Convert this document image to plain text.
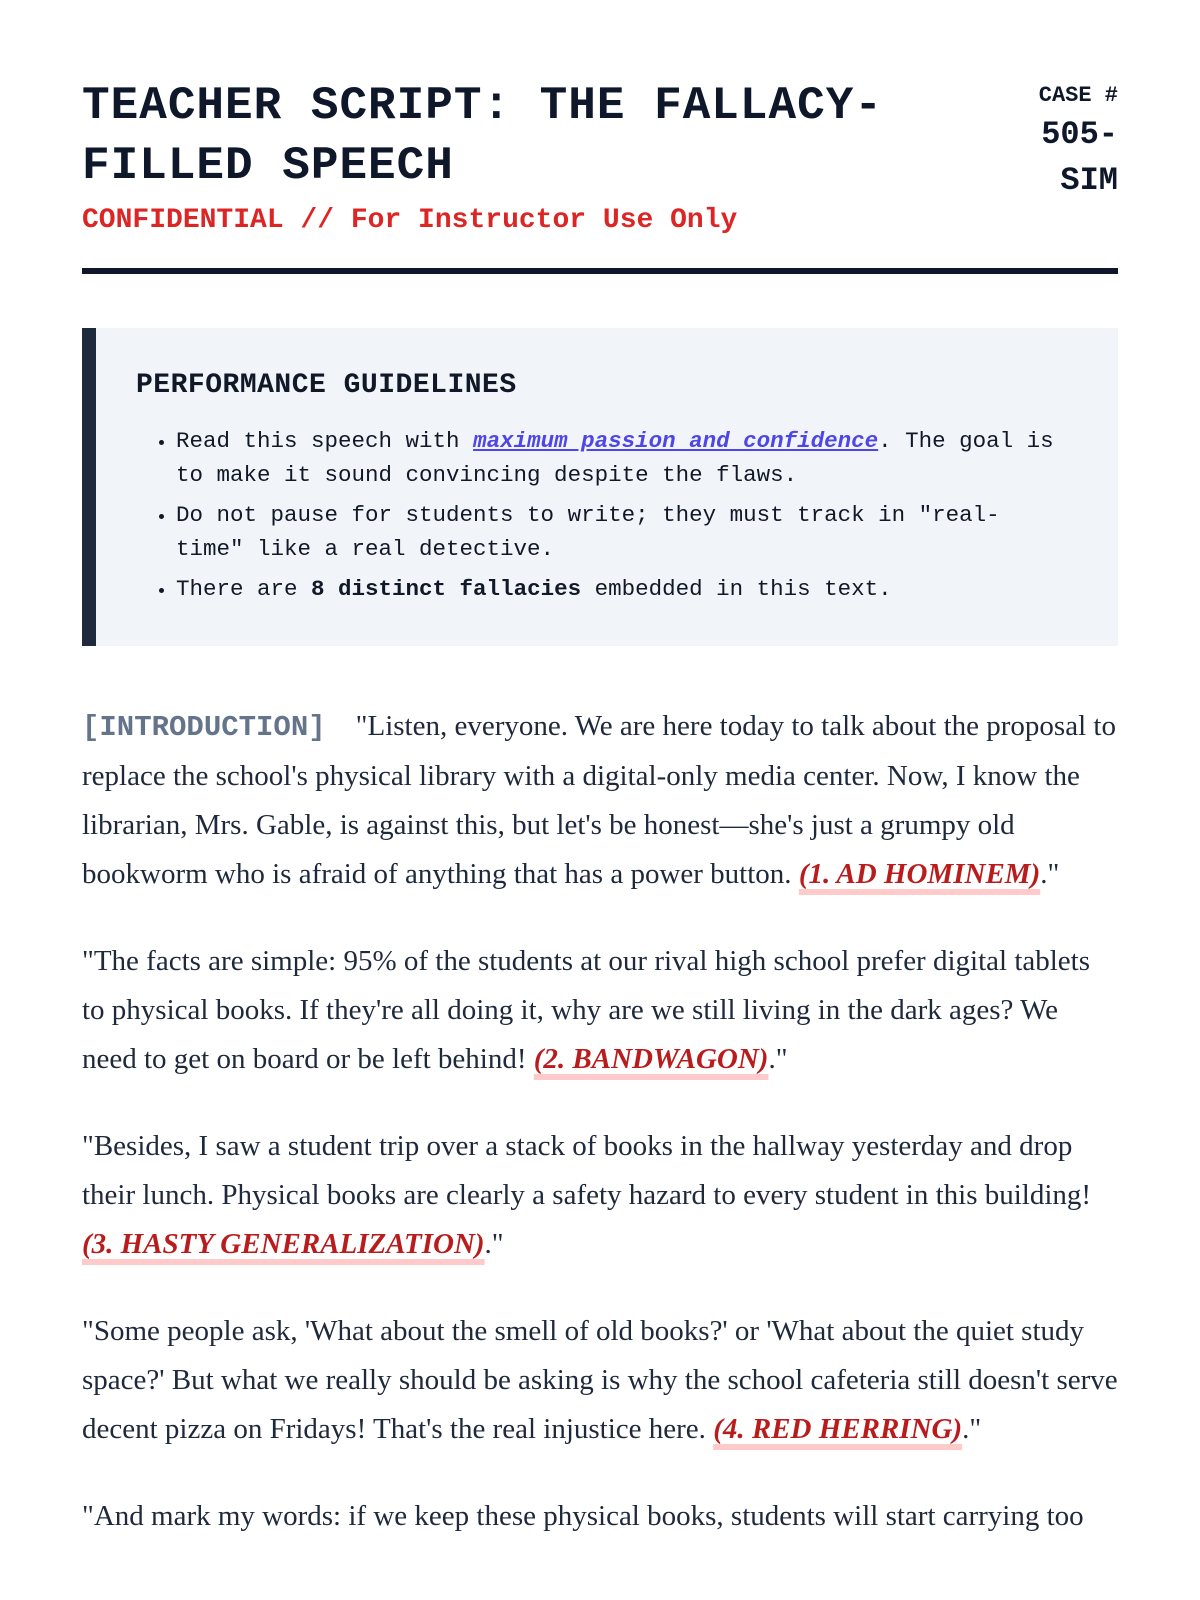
TEACHER SCRIPT: THE FALLACY-FILLED SPEECH
CONFIDENTIAL // For Instructor Use Only
CASE #
505-SIM
PERFORMANCE GUIDELINES
• Read this speech with maximum passion and confidence. The goal is to make it sound convincing despite the flaws.
• Do not pause for students to write; they must track in "real-time" like a real detective.
• There are 8 distinct fallacies embedded in this text.

[INTRODUCTION] "Listen, everyone. We are here today to talk about the proposal to replace the school's physical library with a digital-only media center. Now, I know the librarian, Mrs. Gable, is against this, but let's be honest—she's just a grumpy old bookworm who is afraid of anything that has a power button. (1. AD HOMINEM)."

"The facts are simple: 95% of the students at our rival high school prefer digital tablets to physical books. If they're all doing it, why are we still living in the dark ages? We need to get on board or be left behind! (2. BANDWAGON)."

"Besides, I saw a student trip over a stack of books in the hallway yesterday and drop their lunch. Physical books are clearly a safety hazard to every student in this building! (3. HASTY GENERALIZATION)."

"Some people ask, 'What about the smell of old books?' or 'What about the quiet study space?' But what we really should be asking is why the school cafeteria still doesn't serve decent pizza on Fridays! That's the real injustice here. (4. RED HERRING)."

"And mark my words: if we keep these physical books, students will start carrying too
